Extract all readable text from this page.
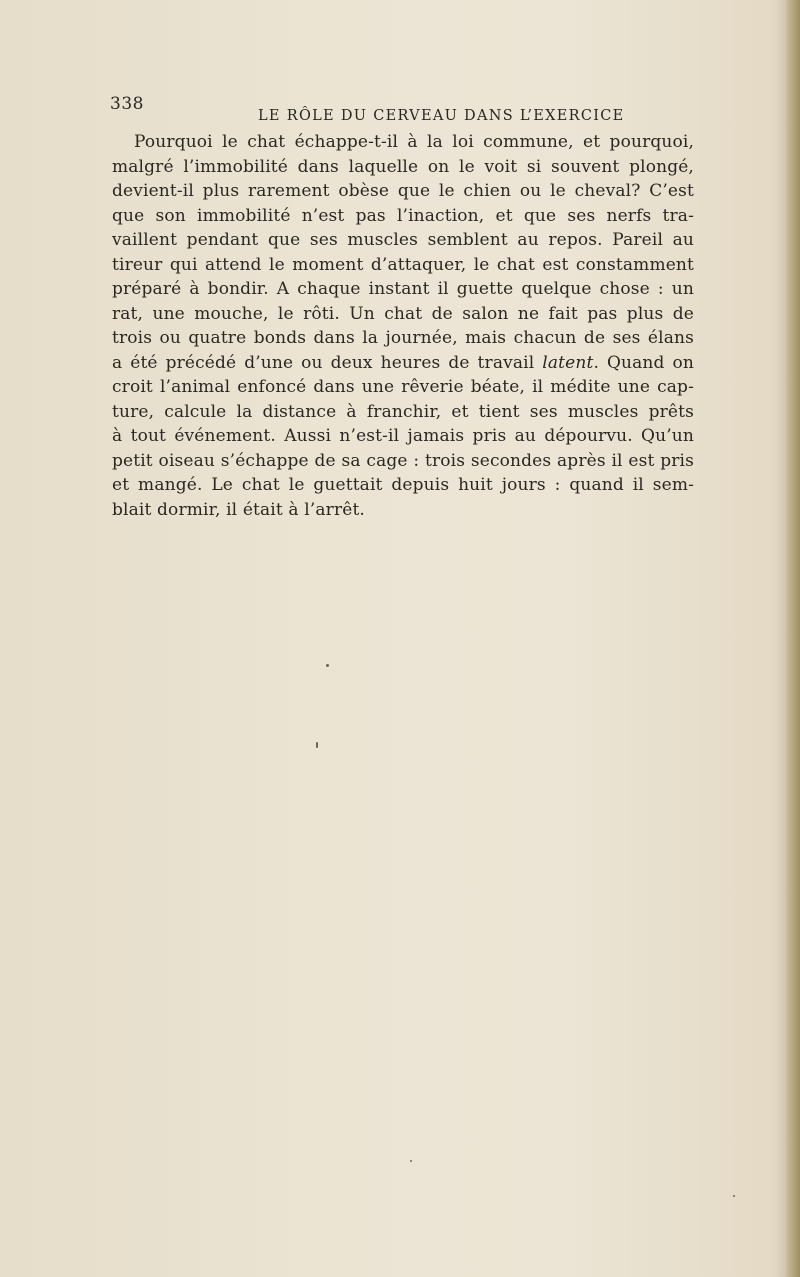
338
LE RÔLE DU CERVEAU DANS L’EXERCICE
Pourquoi le chat échappe-t-il à la loi commune, et pourquoi,
malgré l’immobilité dans laquelle on le voit si souvent plongé,
devient-il plus rarement obèse que le chien ou le cheval? C’est
que son immobilité n’est pas l’inaction, et que ses nerfs tra-
vaillent pendant que ses muscles semblent au repos. Pareil au
tireur qui attend le moment d’attaquer, le chat est constamment
préparé à bondir. A chaque instant il guette quelque chose : un
rat, une mouche, le rôti. Un chat de salon ne fait pas plus de
trois ou quatre bonds dans la journée, mais chacun de ses élans
a été précédé d’une ou deux heures de travail latent. Quand on
croit l’animal enfoncé dans une rêverie béate, il médite une cap-
ture, calcule la distance à franchir, et tient ses muscles prêts
à tout événement. Aussi n’est-il jamais pris au dépourvu. Qu’un
petit oiseau s’échappe de sa cage : trois secondes après il est pris
et mangé. Le chat le guettait depuis huit jours : quand il sem-
blait dormir, il était à l’arrêt.
